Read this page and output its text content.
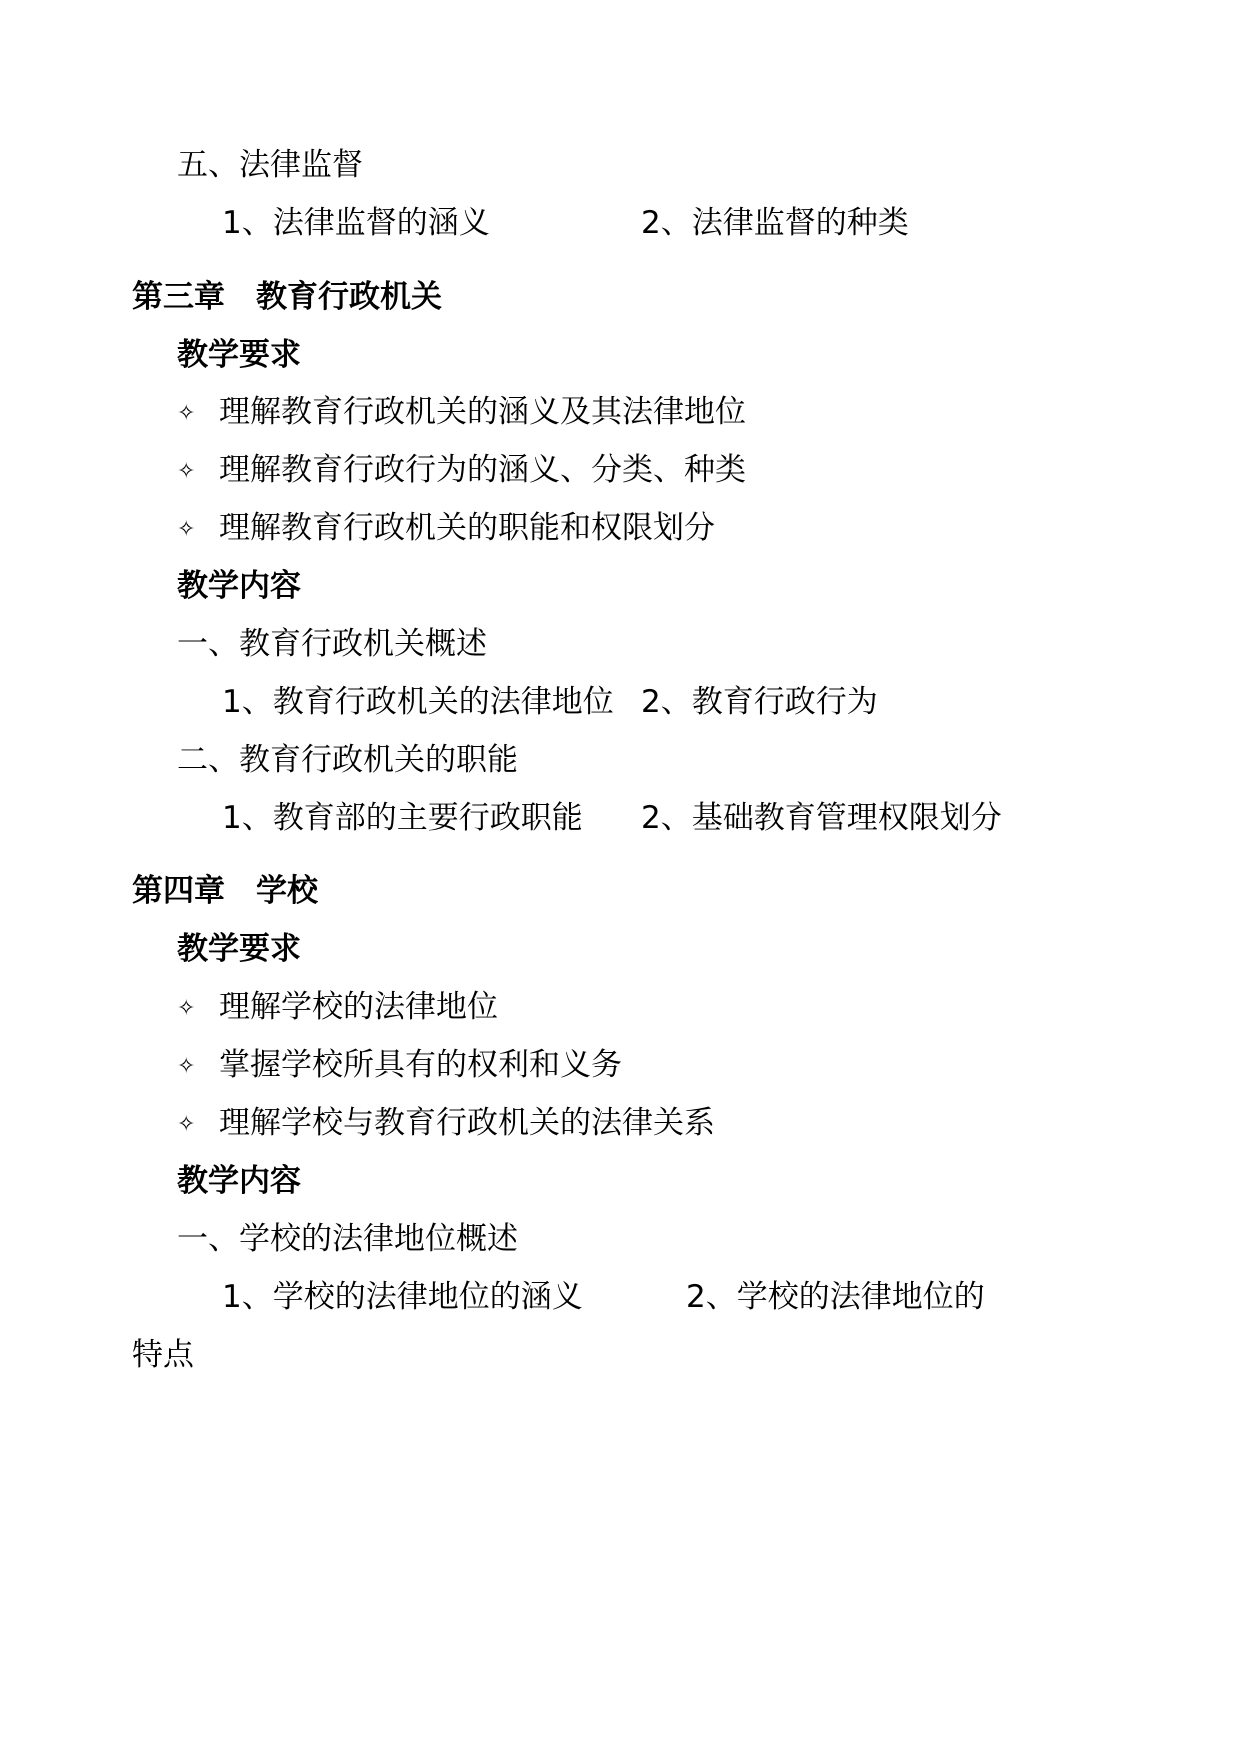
五、法律监督
1、法律监督的涵义	2、法律监督的种类
第三章　教育行政机关
教学要求
✧ 理解教育行政机关的涵义及其法律地位
✧ 理解教育行政行为的涵义、分类、种类
✧ 理解教育行政机关的职能和权限划分
教学内容
一、教育行政机关概述
1、教育行政机关的法律地位 2、教育行政行为
二、教育行政机关的职能
1、教育部的主要行政职能 2、基础教育管理权限划分
第四章　学校
教学要求
✧ 理解学校的法律地位
✧ 掌握学校所具有的权利和义务
✧ 理解学校与教育行政机关的法律关系
教学内容
一、学校的法律地位概述
1、学校的法律地位的涵义	2、学校的法律地位的
特点
